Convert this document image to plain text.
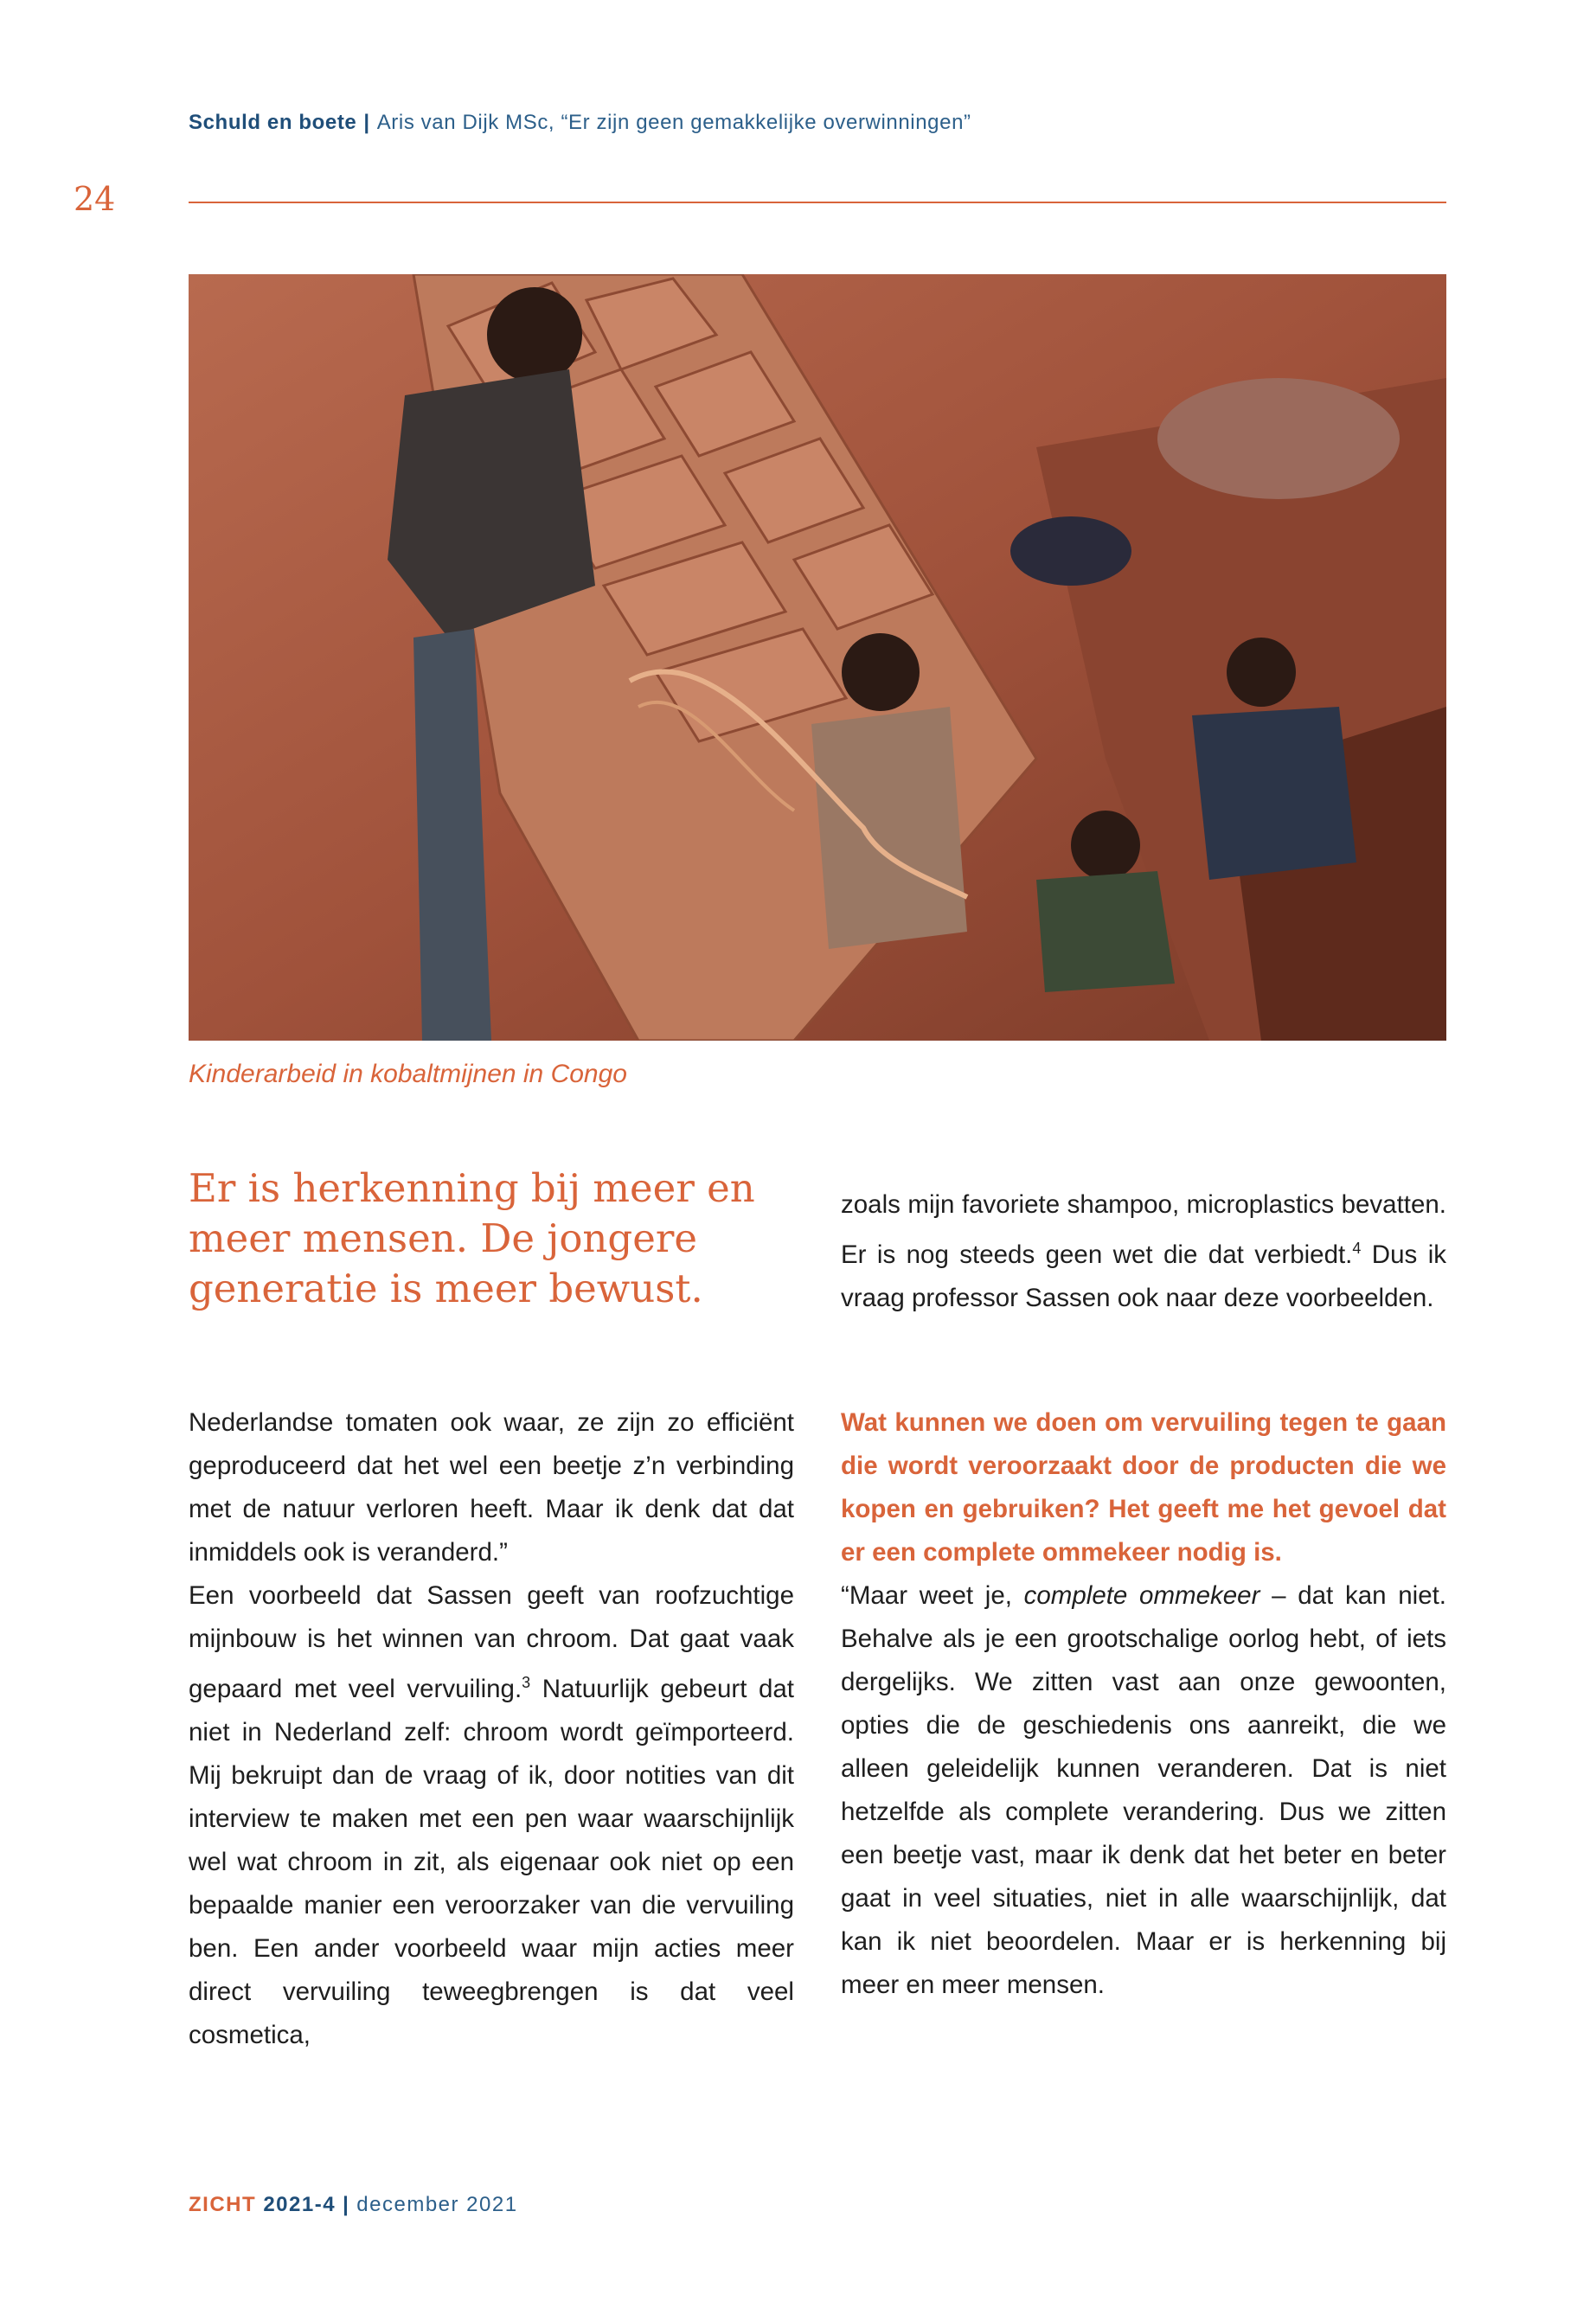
Schuld en boete | Aris van Dijk MSc, “Er zijn geen gemakkelijke overwinningen”
24
Kinderarbeid in kobaltmijnen in Congo
Er is herkenning bij meer en meer mensen. De jongere generatie is meer bewust.

zoals mijn favoriete shampoo, microplastics bevatten. Er is nog steeds geen wet die dat verbiedt.$^4$ Dus ik vraag professor Sassen ook naar deze voorbeelden.

Nederlandse tomaten ook waar, ze zijn zo efficiënt geproduceerd dat het wel een beetje z’n verbinding met de natuur verloren heeft. Maar ik denk dat dat inmiddels ook is veranderd.”

Een voorbeeld dat Sassen geeft van roofzuchtige mijnbouw is het winnen van chroom. Dat gaat vaak gepaard met veel vervuiling.$^3$ Natuurlijk gebeurt dat niet in Nederland zelf: chroom wordt geïmporteerd. Mij bekruipt dan de vraag of ik, door notities van dit interview te maken met een pen waar waarschijnlijk wel wat chroom in zit, als eigenaar ook niet op een bepaalde manier een veroorzaker van die vervuiling ben. Een ander voorbeeld waar mijn acties meer direct vervuiling teweegbrengen is dat veel cosmetica,

Wat kunnen we doen om vervuiling tegen te gaan die wordt veroorzaakt door de producten die we kopen en gebruiken? Het geeft me het gevoel dat er een complete ommekeer nodig is.

“Maar weet je, complete ommekeer – dat kan niet. Behalve als je een grootschalige oorlog hebt, of iets dergelijks. We zitten vast aan onze gewoonten, opties die de geschiedenis ons aanreikt, die we alleen geleidelijk kunnen veranderen. Dat is niet hetzelfde als complete verandering. Dus we zitten een beetje vast, maar ik denk dat het beter en beter gaat in veel situaties, niet in alle waarschijnlijk, dat kan ik niet beoordelen. Maar er is herkenning bij meer en meer mensen.

ZICHT 2021-4 | december 2021
